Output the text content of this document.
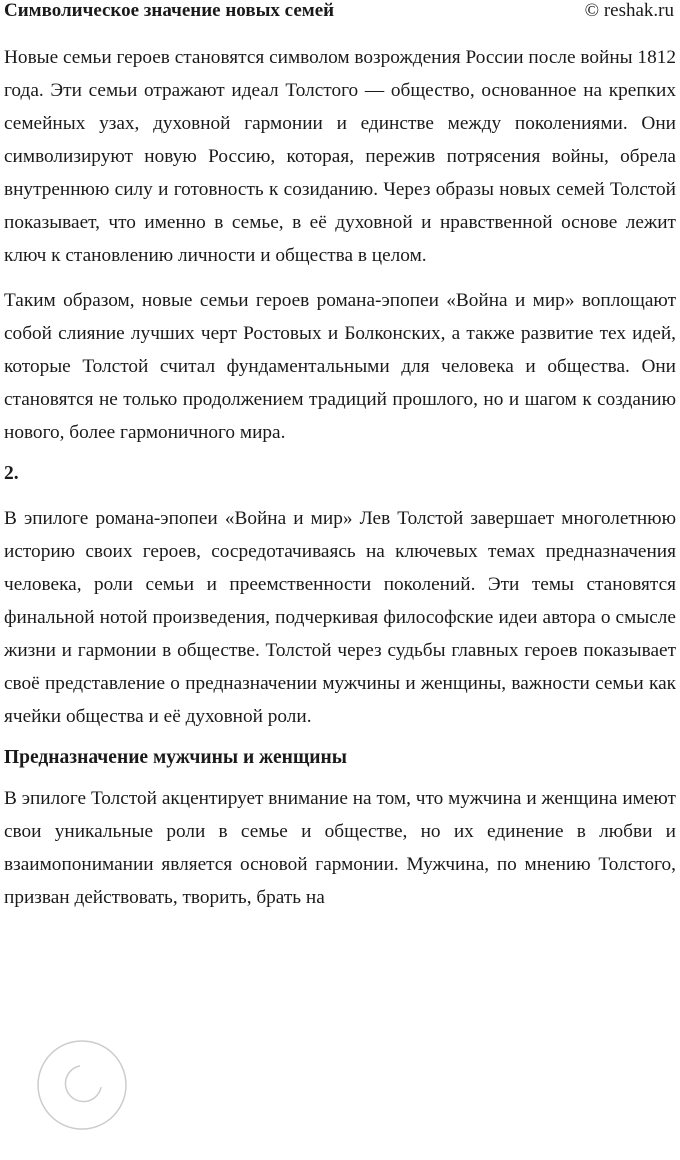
Символическое значение новых семей	© reshak.ru

Новые семьи героев становятся символом возрождения России после войны 1812 года. Эти семьи отражают идеал Толстого — общество, основанное на крепких семейных узах, духовной гармонии и единстве между поколениями. Они символизируют новую Россию, которая, пережив потрясения войны, обрела внутреннюю силу и готовность к созиданию. Через образы новых семей Толстой показывает, что именно в семье, в её духовной и нравственной основе лежит ключ к становлению личности и общества в целом.

Таким образом, новые семьи героев романа-эпопеи «Война и мир» воплощают собой слияние лучших черт Ростовых и Болконских, а также развитие тех идей, которые Толстой считал фундаментальными для человека и общества. Они становятся не только продолжением традиций прошлого, но и шагом к созданию нового, более гармоничного мира.

2.

В эпилоге романа-эпопеи «Война и мир» Лев Толстой завершает многолетнюю историю своих героев, сосредотачиваясь на ключевых темах предназначения человека, роли семьи и преемственности поколений. Эти темы становятся финальной нотой произведения, подчеркивая философские идеи автора о смысле жизни и гармонии в обществе. Толстой через судьбы главных героев показывает своё представление о предназначении мужчины и женщины, важности семьи как ячейки общества и её духовной роли.

Предназначение мужчины и женщины

В эпилоге Толстой акцентирует внимание на том, что мужчина и женщина имеют свои уникальные роли в семье и обществе, но их единение в любви и взаимопонимании является основой гармонии. Мужчина, по мнению Толстого, призван действовать, творить, брать на
